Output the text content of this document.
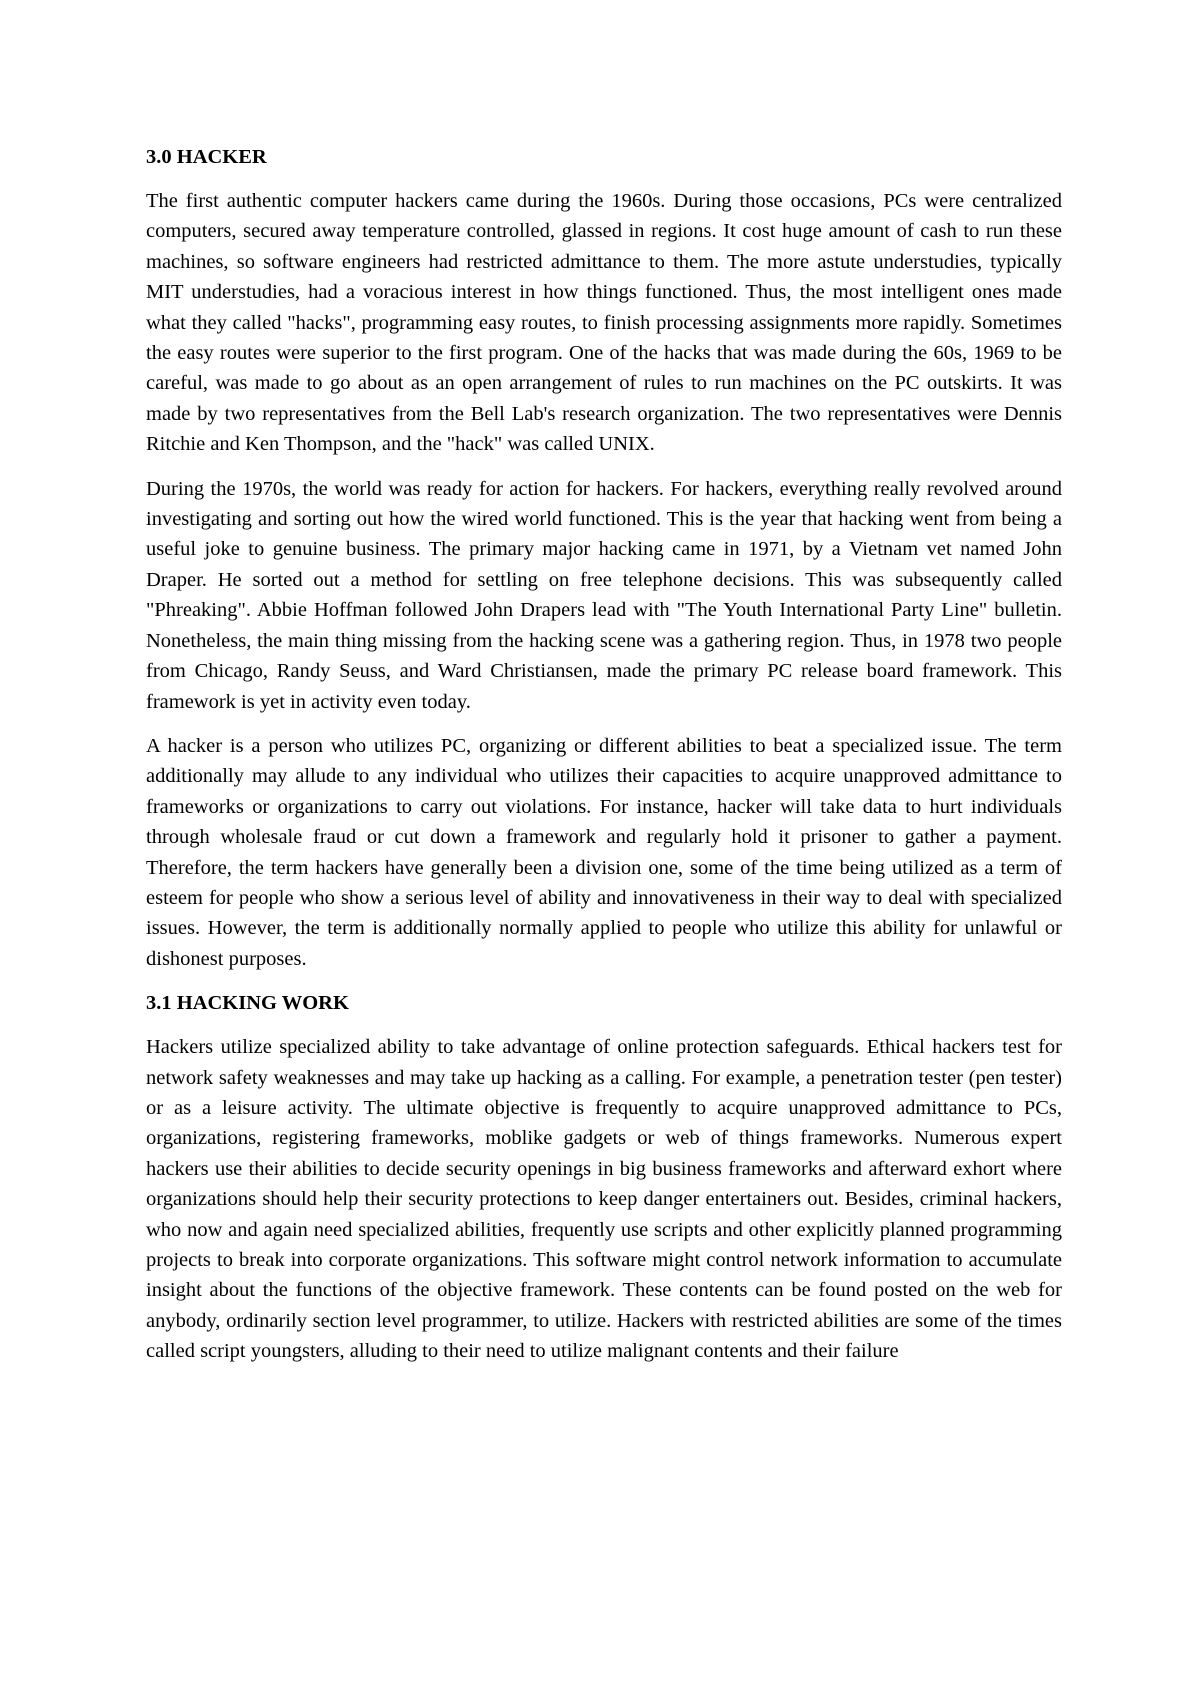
3.0 HACKER

The first authentic computer hackers came during the 1960s. During those occasions, PCs were centralized computers, secured away temperature controlled, glassed in regions. It cost huge amount of cash to run these machines, so software engineers had restricted admittance to them. The more astute understudies, typically MIT understudies, had a voracious interest in how things functioned. Thus, the most intelligent ones made what they called "hacks", programming easy routes, to finish processing assignments more rapidly. Sometimes the easy routes were superior to the first program. One of the hacks that was made during the 60s, 1969 to be careful, was made to go about as an open arrangement of rules to run machines on the PC outskirts. It was made by two representatives from the Bell Lab's research organization. The two representatives were Dennis Ritchie and Ken Thompson, and the "hack" was called UNIX.

During the 1970s, the world was ready for action for hackers. For hackers, everything really revolved around investigating and sorting out how the wired world functioned. This is the year that hacking went from being a useful joke to genuine business. The primary major hacking came in 1971, by a Vietnam vet named John Draper. He sorted out a method for settling on free telephone decisions. This was subsequently called "Phreaking". Abbie Hoffman followed John Drapers lead with "The Youth International Party Line" bulletin. Nonetheless, the main thing missing from the hacking scene was a gathering region. Thus, in 1978 two people from Chicago, Randy Seuss, and Ward Christiansen, made the primary PC release board framework. This framework is yet in activity even today.

A hacker is a person who utilizes PC, organizing or different abilities to beat a specialized issue. The term additionally may allude to any individual who utilizes their capacities to acquire unapproved admittance to frameworks or organizations to carry out violations. For instance, hacker will take data to hurt individuals through wholesale fraud or cut down a framework and regularly hold it prisoner to gather a payment. Therefore, the term hackers have generally been a division one, some of the time being utilized as a term of esteem for people who show a serious level of ability and innovativeness in their way to deal with specialized issues. However, the term is additionally normally applied to people who utilize this ability for unlawful or dishonest purposes.

3.1 HACKING WORK

Hackers utilize specialized ability to take advantage of online protection safeguards. Ethical hackers test for network safety weaknesses and may take up hacking as a calling. For example, a penetration tester (pen tester) or as a leisure activity. The ultimate objective is frequently to acquire unapproved admittance to PCs, organizations, registering frameworks, moblike gadgets or web of things frameworks. Numerous expert hackers use their abilities to decide security openings in big business frameworks and afterward exhort where organizations should help their security protections to keep danger entertainers out. Besides, criminal hackers, who now and again need specialized abilities, frequently use scripts and other explicitly planned programming projects to break into corporate organizations. This software might control network information to accumulate insight about the functions of the objective framework. These contents can be found posted on the web for anybody, ordinarily section level programmer, to utilize. Hackers with restricted abilities are some of the times called script youngsters, alluding to their need to utilize malignant contents and their failure
